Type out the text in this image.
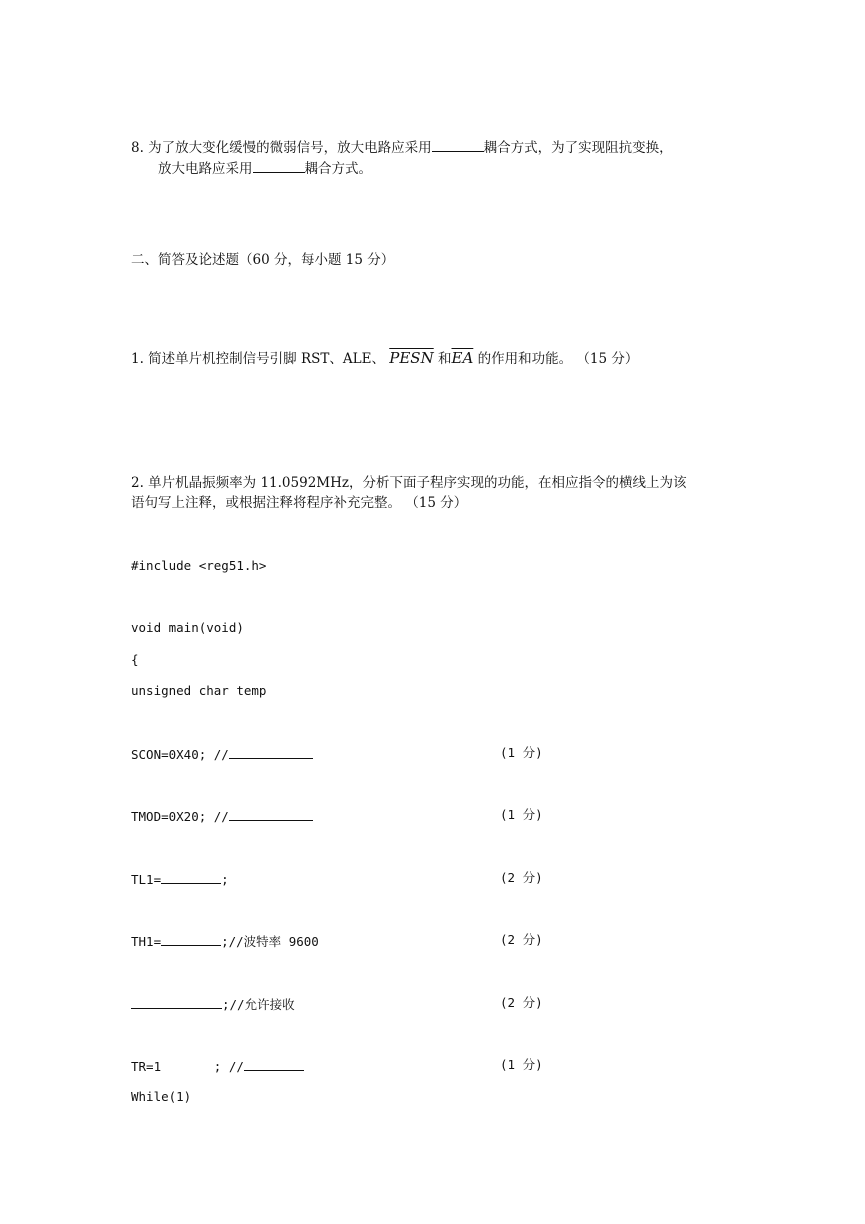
8. 为了放大变化缓慢的微弱信号，放大电路应采用	耦合方式，为了实现阻抗变换，
放大电路应采用	耦合方式。
二、简答及论述题（60 分，每小题 15 分）
1. 简述单片机控制信号引脚 RST、ALE、 PESN 和$\overline{EA}$ 的作用和功能。 （15 分）
2. 单片机晶振频率为 11.0592MHz，分析下面子程序实现的功能，在相应指令的横线上为该
语句写上注释，或根据注释将程序补充完整。 （15 分）
#include <reg51.h>
void main(void)
{
unsigned char temp
SCON=0X40; //	(1 分)
TMOD=0X20; //	(1 分)
TL1=	;	(2 分)
TH1=	;//波特率 9600	(2 分)
;//允许接收	(2 分)
TR=1       ; //	(1 分)
While(1)
